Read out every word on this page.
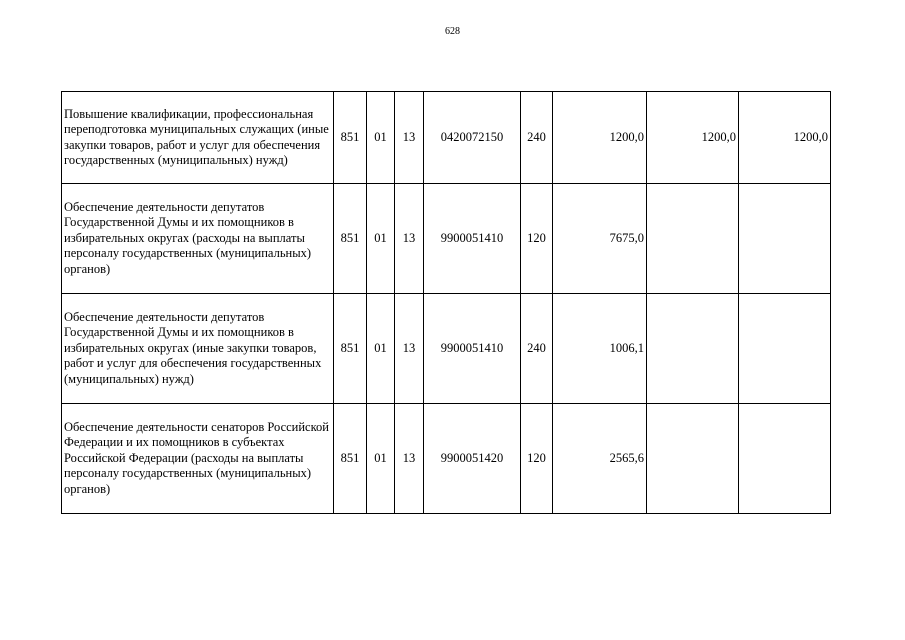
628
Повышение квалификации, профессиональная переподготовка муниципальных служащих (иные закупки товаров, работ и услуг для обеспечения государственных (муниципальных) нужд)	851	01	13	0420072150	240	1200,0	1200,0	1200,0
Обеспечение деятельности депутатов Государственной Думы и их помощников в избирательных округах (расходы на выплаты персоналу государственных (муниципальных) органов)	851	01	13	9900051410	120	7675,0		
Обеспечение деятельности депутатов Государственной Думы и их помощников в избирательных округах (иные закупки товаров, работ и услуг для обеспечения государственных (муниципальных) нужд)	851	01	13	9900051410	240	1006,1		
Обеспечение деятельности сенаторов Российской Федерации и их помощников в субъектах Российской Федерации (расходы на выплаты персоналу государственных (муниципальных) органов)	851	01	13	9900051420	120	2565,6		
